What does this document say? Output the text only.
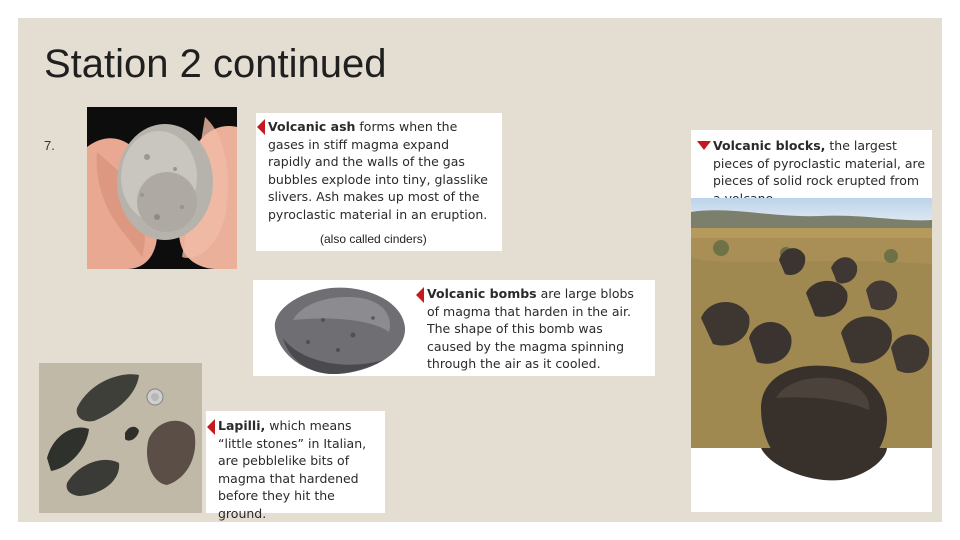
Station 2 continued
7.
Volcanic ash forms when the gases in stiff magma expand rapidly and the walls of the gas bubbles explode into tiny, glasslike slivers. Ash makes up most of the pyroclastic material in an eruption.
(also called cinders)
Volcanic bombs are large blobs of magma that harden in the air. The shape of this bomb was caused by the magma spinning through the air as it cooled.
Lapilli, which means “little stones” in Italian, are pebblelike bits of magma that hardened before they hit the ground.
Volcanic blocks, the largest pieces of pyroclastic material, are pieces of solid rock erupted from
